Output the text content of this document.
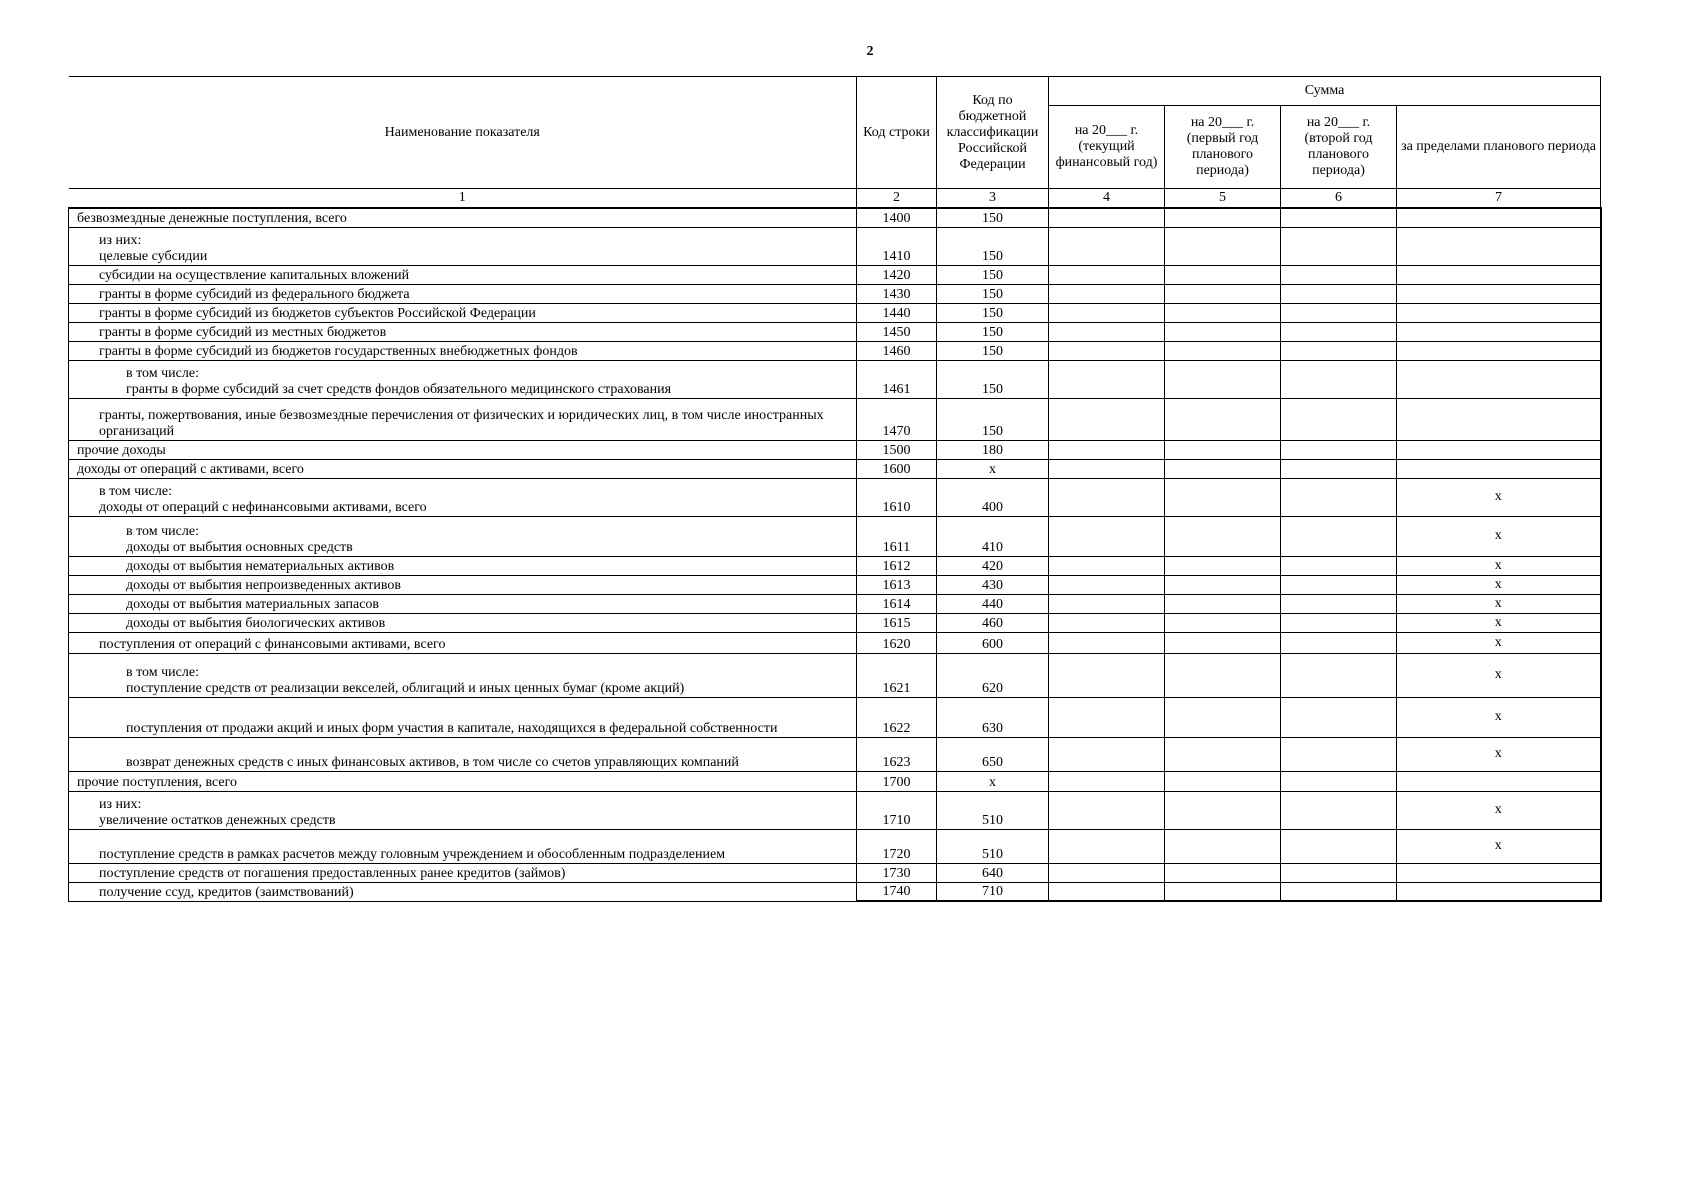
2
Наименование показателя	Код строки	Код по бюджетной классификации Российской Федерации	Сумма			
			на 20___ г. (текущий финансовый год)	на 20___ г. (первый год планового периода)	на 20___ г. (второй год планового периода)	за пределами планового периода
1	2	3	4	5	6	7
безвозмездные денежные поступления, всего	1400	150				

из них:
целевые субсидии	1410	150				
субсидии на осуществление капитальных вложений	1420	150				
гранты в форме субсидий из федерального бюджета	1430	150				
гранты в форме субсидий из бюджетов субъектов Российской Федерации	1440	150				
гранты в форме субсидий из местных бюджетов	1450	150				
гранты в форме субсидий из бюджетов государственных внебюджетных фондов	1460	150				

в том числе:
гранты в форме субсидий за счет средств фондов обязательного медицинского страхования	1461	150				
гранты, пожертвования, иные безвозмездные перечисления от физических и юридических лиц, в том числе иностранных организаций	1470	150				
прочие доходы	1500	180				
доходы от операций с активами, всего	1600	x				

в том числе:
доходы от операций с нефинансовыми активами, всего	1610	400				x

в том числе:
доходы от выбытия основных средств	1611	410				x
доходы от выбытия нематериальных активов	1612	420				x
доходы от выбытия непроизведенных активов	1613	430				x
доходы от выбытия материальных запасов	1614	440				x
доходы от выбытия биологических активов	1615	460				x
поступления от операций с финансовыми активами, всего	1620	600				x

в том числе:
поступление средств от реализации векселей, облигаций и иных ценных бумаг (кроме акций)	1621	620				x
поступления от продажи акций и иных форм участия в капитале, находящихся в федеральной собственности	1622	630				x
возврат денежных средств с иных финансовых активов, в том числе со счетов управляющих компаний	1623	650				x
прочие поступления, всего	1700	x				

из них:
увеличение остатков денежных средств	1710	510				x
поступление средств в рамках расчетов между головным учреждением и обособленным подразделением	1720	510				x
поступление средств от погашения предоставленных ранее кредитов (займов)	1730	640				
получение ссуд, кредитов (заимствований)	1740	710				
